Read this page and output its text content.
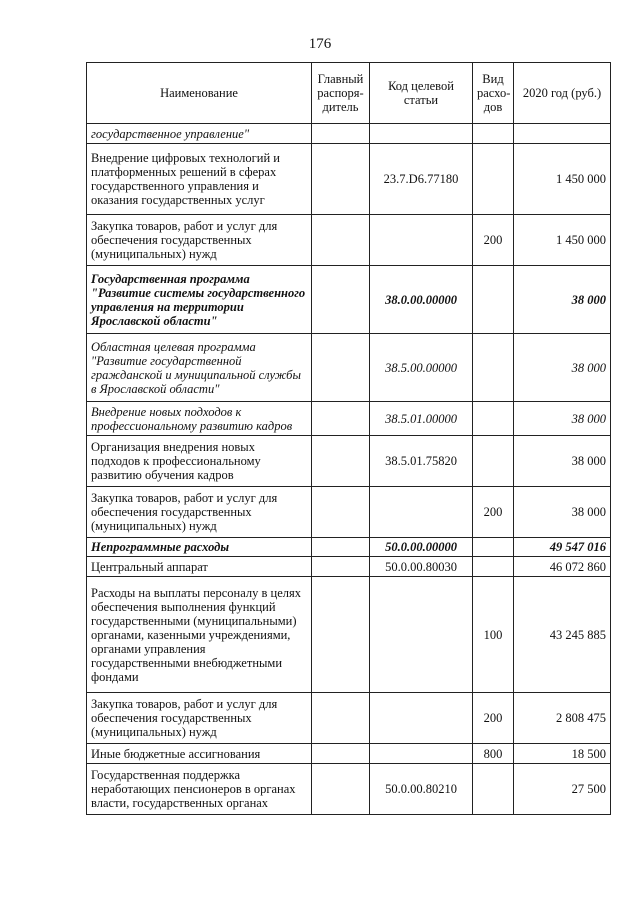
176
Наименование	Главный распоря-дитель	Код целевой статьи	Вид расхо-дов	2020 год (руб.)
государственное управление"				
Внедрение цифровых технологий и платформенных решений в сферах государственного управления и оказания государственных услуг		23.7.D6.77180		1 450 000
Закупка товаров, работ и услуг для обеспечения государственных (муниципальных) нужд			200	1 450 000
Государственная программа "Развитие системы государственного управления на территории Ярославской области"		38.0.00.00000		38 000
Областная целевая программа "Развитие государственной гражданской и муниципальной службы в Ярославской области"		38.5.00.00000		38 000
Внедрение новых подходов к профессиональному развитию кадров		38.5.01.00000		38 000
Организация внедрения новых подходов к профессиональному развитию обучения кадров		38.5.01.75820		38 000
Закупка товаров, работ и услуг для обеспечения государственных (муниципальных) нужд			200	38 000
Непрограммные расходы		50.0.00.00000		49 547 016
Центральный аппарат		50.0.00.80030		46 072 860
Расходы на выплаты персоналу в целях обеспечения выполнения функций государственными (муниципальными) органами, казенными учреждениями, органами управления государственными внебюджетными фондами			100	43 245 885
Закупка товаров, работ и услуг для обеспечения государственных (муниципальных) нужд			200	2 808 475
Иные бюджетные ассигнования			800	18 500
Государственная поддержка неработающих пенсионеров в органах власти, государственных органах		50.0.00.80210		27 500
